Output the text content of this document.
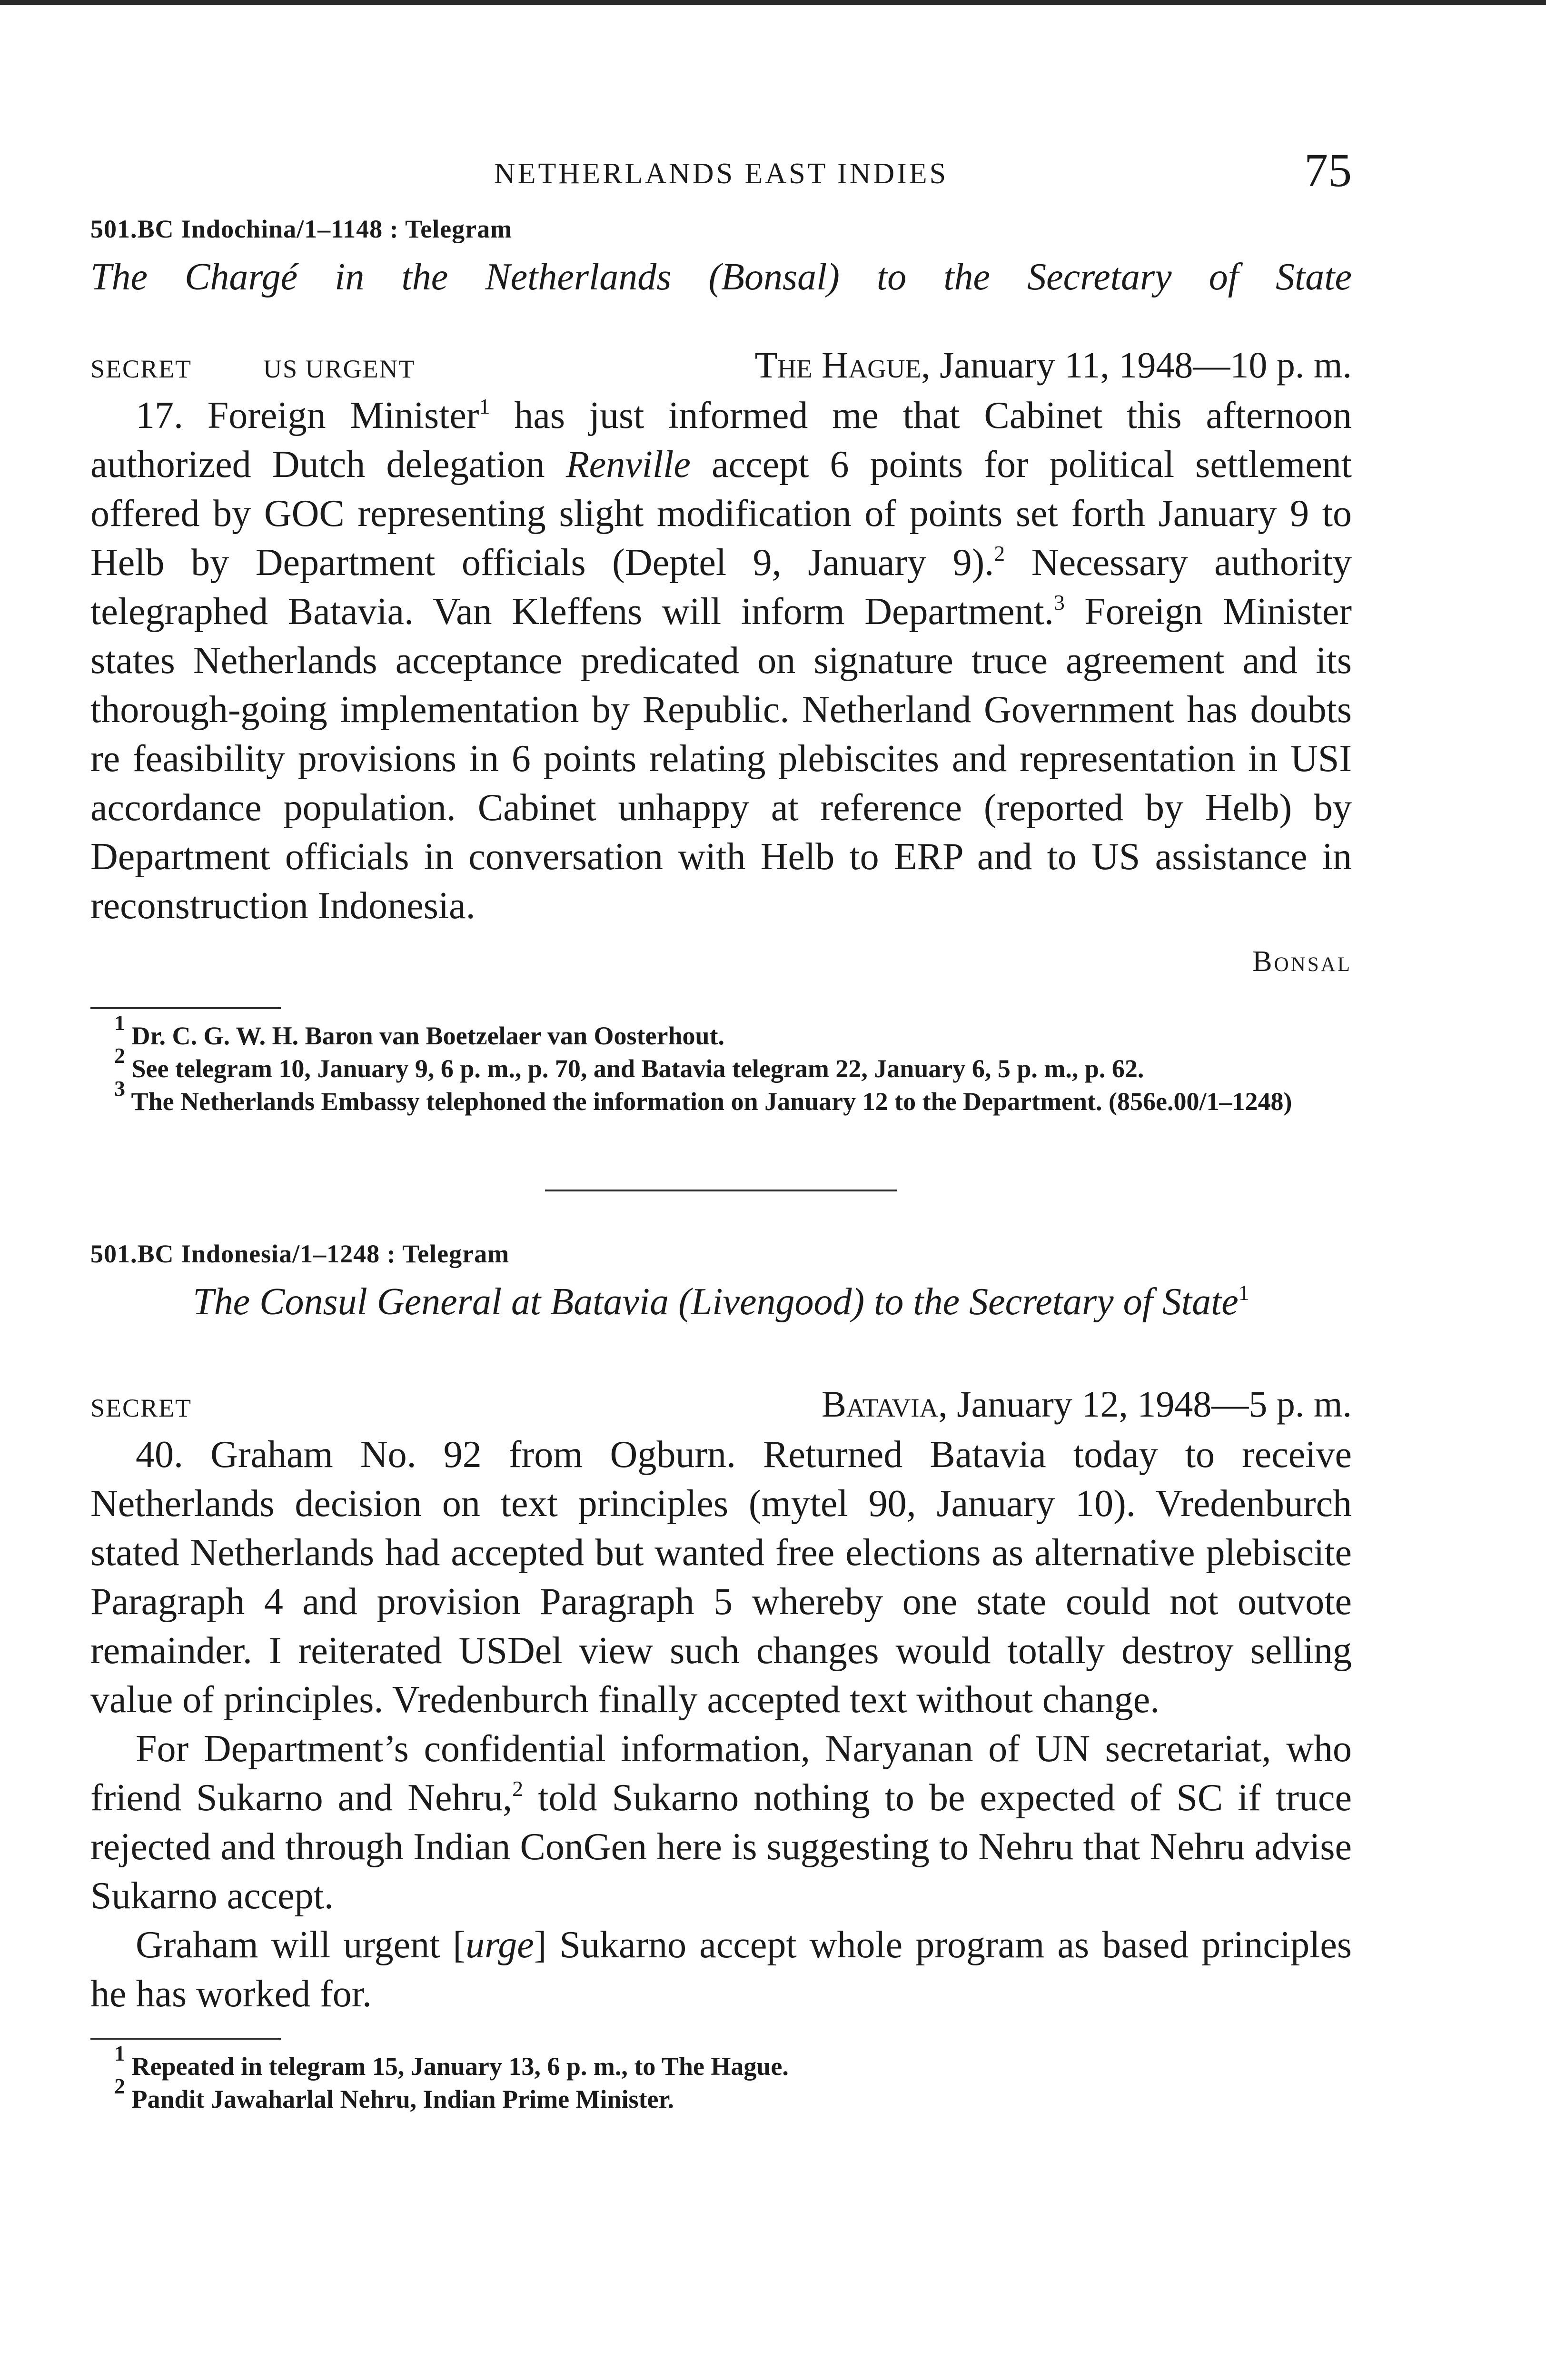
NETHERLANDS EAST INDIES	75
501.BC Indochina/1–1148 : Telegram
The Chargé in the Netherlands (Bonsal) to the Secretary of State
SECRET	US URGENT	The Hague, January 11, 1948—10 p. m.

17. Foreign Minister$^1$ has just informed me that Cabinet this afternoon authorized Dutch delegation Renville accept 6 points for political settlement offered by GOC representing slight modification of points set forth January 9 to Helb by Department officials (Deptel 9, January 9).$^2$ Necessary authority telegraphed Batavia. Van Kleffens will inform Department.$^3$ Foreign Minister states Netherlands acceptance predicated on signature truce agreement and its thorough-going implementation by Republic. Netherland Government has doubts re feasibility provisions in 6 points relating plebiscites and representation in USI accordance population. Cabinet unhappy at reference (reported by Helb) by Department officials in conversation with Helb to ERP and to US assistance in reconstruction Indonesia.

Bonsal
$^1$ Dr. C. G. W. H. Baron van Boetzelaer van Oosterhout.
$^2$ See telegram 10, January 9, 6 p. m., p. 70, and Batavia telegram 22, January 6, 5 p. m., p. 62.
$^3$ The Netherlands Embassy telephoned the information on January 12 to the Department. (856e.00/1–1248)
501.BC Indonesia/1–1248 : Telegram
The Consul General at Batavia (Livengood) to the Secretary of State$^1$
SECRET	Batavia, January 12, 1948—5 p. m.

40. Graham No. 92 from Ogburn. Returned Batavia today to receive Netherlands decision on text principles (mytel 90, January 10). Vredenburch stated Netherlands had accepted but wanted free elections as alternative plebiscite Paragraph 4 and provision Paragraph 5 whereby one state could not outvote remainder. I reiterated USDel view such changes would totally destroy selling value of principles. Vredenburch finally accepted text without change.

For Department’s confidential information, Naryanan of UN secretariat, who friend Sukarno and Nehru,$^2$ told Sukarno nothing to be expected of SC if truce rejected and through Indian ConGen here is suggesting to Nehru that Nehru advise Sukarno accept.

Graham will urgent [urge] Sukarno accept whole program as based principles he has worked for.

$^1$ Repeated in telegram 15, January 13, 6 p. m., to The Hague.
$^2$ Pandit Jawaharlal Nehru, Indian Prime Minister.
